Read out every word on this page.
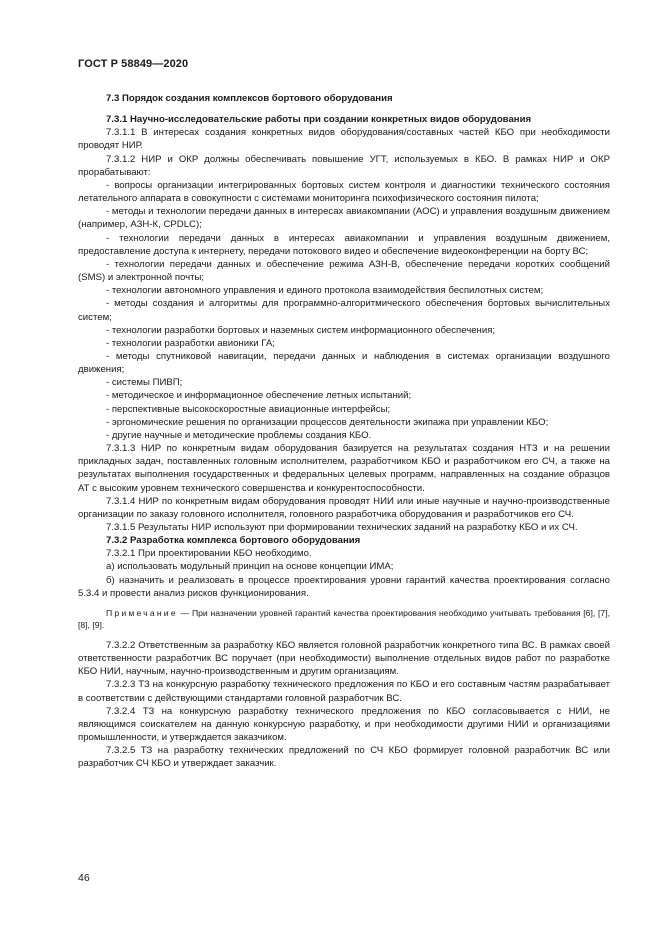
ГОСТ Р 58849—2020

7.3 Порядок создания комплексов бортового оборудования

7.3.1 Научно-исследовательские работы при создании конкретных видов оборудования

7.3.1.1 В интересах создания конкретных видов оборудования/составных частей КБО при необходимости проводят НИР.

7.3.1.2 НИР и ОКР должны обеспечивать повышение УГТ, используемых в КБО. В рамках НИР и ОКР прорабатывают:

- вопросы организации интегрированных бортовых систем контроля и диагностики технического состояния летательного аппарата в совокупности с системами мониторинга психофизического состояния пилота;

- методы и технологии передачи данных в интересах авиакомпании (АОС) и управления воздушным движением (например, АЗН-К, CPDLC);

- технологии передачи данных в интересах авиакомпании и управления воздушным движением, предоставление доступа к интернету, передачи потокового видео и обеспечение видеоконференции на борту ВС;

- технологии передачи данных и обеспечение режима АЗН-В, обеспечение передачи коротких сообщений (SMS) и электронной почты;

- технологии автономного управления и единого протокола взаимодействия беспилотных систем;

- методы создания и алгоритмы для программно-алгоритмического обеспечения бортовых вычислительных систем;

- технологии разработки бортовых и наземных систем информационного обеспечения;

- технологии разработки авионики ГА;

- методы спутниковой навигации, передачи данных и наблюдения в системах организации воздушного движения;

- системы ПИВП;

- методическое и информационное обеспечение летных испытаний;

- перспективные высокоскоростные авиационные интерфейсы;

- эргономические решения по организации процессов деятельности экипажа при управлении КБО;

- другие научные и методические проблемы создания КБО.

7.3.1.3 НИР по конкретным видам оборудования базируется на результатах создания НТЗ и на решении прикладных задач, поставленных головным исполнителем, разработчиком КБО и разработчиком его СЧ, а также на результатах выполнения государственных и федеральных целевых программ, направленных на создание образцов АТ с высоким уровнем технического совершенства и конкурентоспособности.

7.3.1.4 НИР по конкретным видам оборудования проводят НИИ или иные научные и научно-производственные организации по заказу головного исполнителя, головного разработчика оборудования и разработчиков его СЧ.

7.3.1.5 Результаты НИР используют при формировании технических заданий на разработку КБО и их СЧ.

7.3.2 Разработка комплекса бортового оборудования

7.3.2.1 При проектировании КБО необходимо.

а) использовать модульный принцип на основе концепции ИМА;

б) назначить и реализовать в процессе проектирования уровни гарантий качества проектирования согласно 5.3.4 и провести анализ рисков функционирования.

Примечание — При назначении уровней гарантий качества проектирования необходимо учитывать требования [6], [7], [8], [9].

7.3.2.2 Ответственным за разработку КБО является головной разработчик конкретного типа ВС. В рамках своей ответственности разработчик ВС поручает (при необходимости) выполнение отдельных видов работ по разработке КБО НИИ, научным, научно-производственным и другим организациям.

7.3.2.3 ТЗ на конкурсную разработку технического предложения по КБО и его составным частям разрабатывает в соответствии с действующими стандартами головной разработчик ВС.

7.3.2.4 ТЗ на конкурсную разработку технического предложения по КБО согласовывается с НИИ, не являющимся соискателем на данную конкурсную разработку, и при необходимости другими НИИ и организациями промышленности, и утверждается заказчиком.

7.3.2.5 ТЗ на разработку технических предложений по СЧ КБО формирует головной разработчик ВС или разработчик СЧ КБО и утверждает заказчик.

46
